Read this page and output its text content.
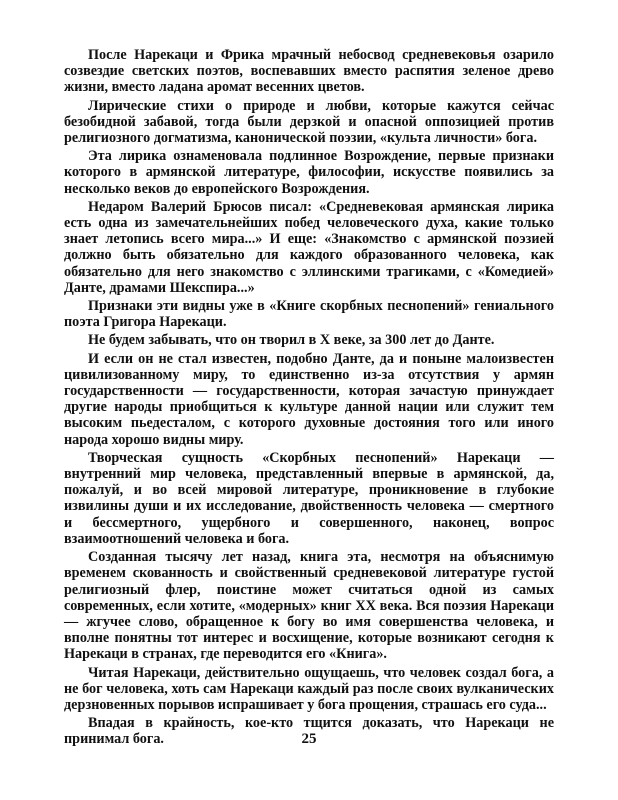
После Нарекаци и Фрика мрачный небосвод средневековья озарило созвездие светских поэтов, воспевавших вместо распятия зеленое древо жизни, вместо ладана аромат весенних цветов.

Лирические стихи о природе и любви, которые кажутся сейчас безобидной забавой, тогда были дерзкой и опасной оппозицией против религиозного догматизма, канонической поэзии, «культа личности» бога.

Эта лирика ознаменовала подлинное Возрождение, первые признаки которого в армянской литературе, философии, искусстве появились за несколько веков до европейского Возрождения.

Недаром Валерий Брюсов писал: «Средневековая армянская лирика есть одна из замечательнейших побед человеческого духа, какие только знает летопись всего мира...» И еще: «Знакомство с армянской поэзией должно быть обязательно для каждого образованного человека, как обязательно для него знакомство с эллинскими трагиками, с «Комедией» Данте, драмами Шекспира...»

Признаки эти видны уже в «Книге скорбных песнопений» гениального поэта Григора Нарекаци.

Не будем забывать, что он творил в X веке, за 300 лет до Данте.

И если он не стал известен, подобно Данте, да и поныне малоизвестен цивилизованному миру, то единственно из-за отсутствия у армян государственности — государственности, которая зачастую принуждает другие народы приобщиться к культуре данной нации или служит тем высоким пьедесталом, с которого духовные достояния того или иного народа хорошо видны миру.

Творческая сущность «Скорбных песнопений» Нарекаци — внутренний мир человека, представленный впервые в армянской, да, пожалуй, и во всей мировой литературе, проникновение в глубокие извилины души и их исследование, двойственность человека — смертного и бессмертного, ущербного и совершенного, наконец, вопрос взаимоотношений человека и бога.

Созданная тысячу лет назад, книга эта, несмотря на объяснимую временем скованность и свойственный средневековой литературе густой религиозный флер, поистине может считаться одной из самых современных, если хотите, «модерных» книг XX века. Вся поэзия Нарекаци — жгучее слово, обращенное к богу во имя совершенства человека, и вполне понятны тот интерес и восхищение, которые возникают сегодня к Нарекаци в странах, где переводится его «Книга».

Читая Нарекаци, действительно ощущаешь, что человек создал бога, а не бог человека, хоть сам Нарекаци каждый раз после своих вулканических дерзновенных порывов испрашивает у бога прощения, страшась его суда...

Впадая в крайность, кое-кто тщится доказать, что Нарекаци не принимал бога.	25
